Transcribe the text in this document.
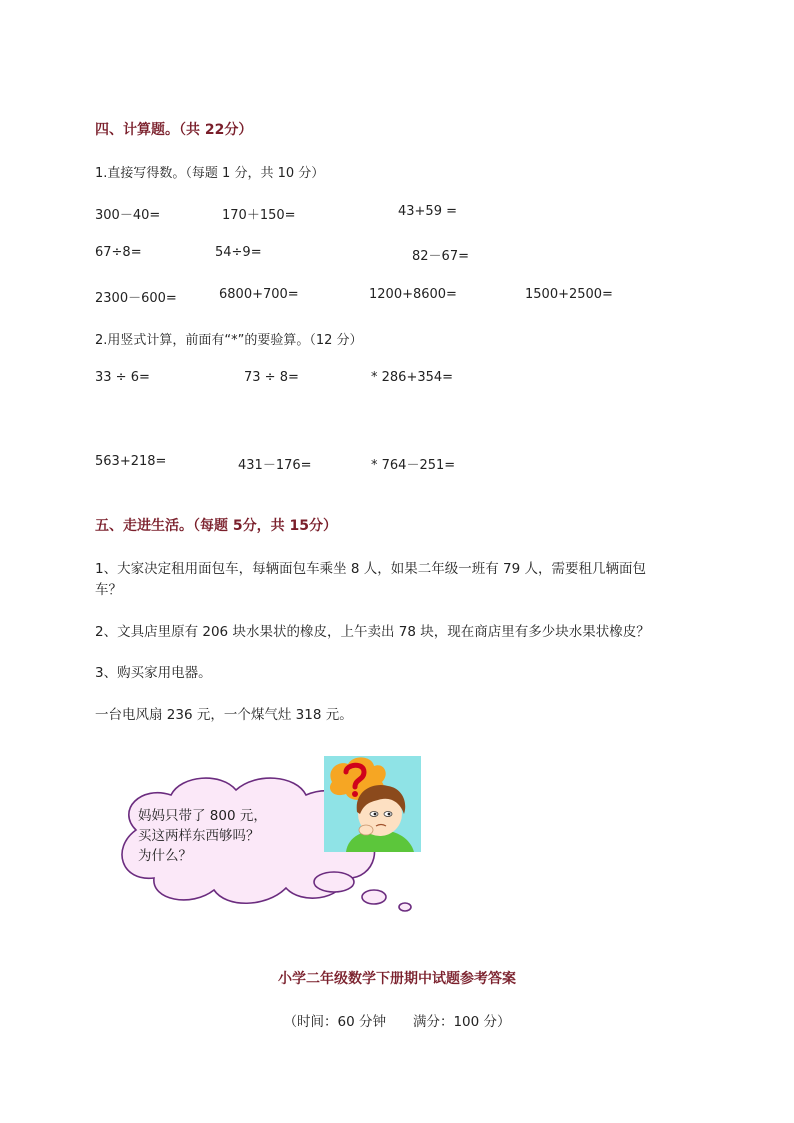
四、计算题。（共 22分）
1.直接写得数。（每题 1 分，共 10 分）
300－40=	170＋150=	43+59 =
67÷8=	54÷9=	82－67=
2300－600=	6800+700=	1200+8600=	1500+2500=
2.用竖式计算，前面有“*”的要验算。（12 分）
33 ÷ 6=	73 ÷ 8=	* 286+354=
563+218=	431－176=	* 764－251=
五、走进生活。（每题 5分，共 15分）
1、大家决定租用面包车，每辆面包车乘坐 8 人，如果二年级一班有 79 人，需要租几辆面包
车？
2、文具店里原有 206 块水果状的橡皮，上午卖出 78 块，现在商店里有多少块水果状橡皮？
3、购买家用电器。
一台电风扇 236 元，一个煤气灶 318 元。
妈妈只带了 800 元，
买这两样东西够吗？
为什么？
小学二年级数学下册期中试题参考答案
（时间：60 分钟　　满分：100 分）
